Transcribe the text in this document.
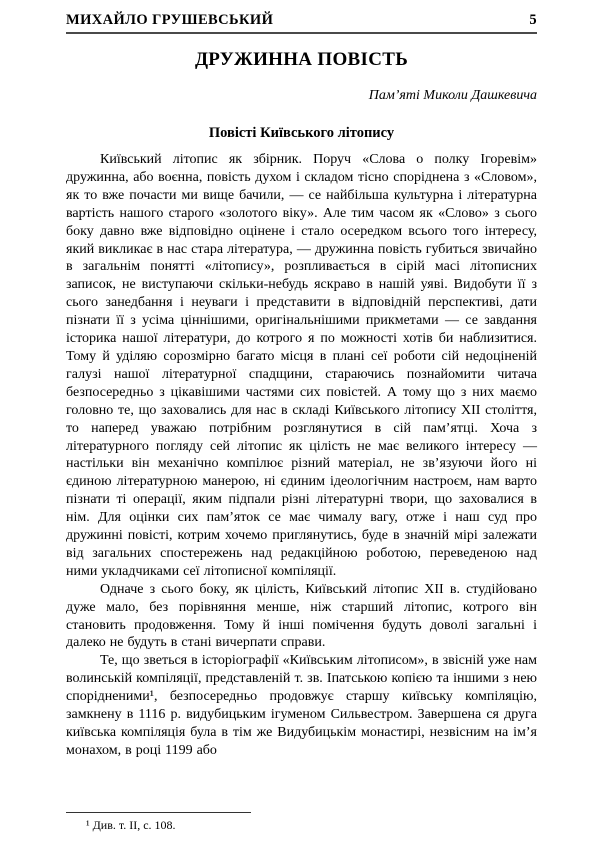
МИХАЙЛО ГРУШЕВСЬКИЙ	5
ДРУЖИННА ПОВІСТЬ

Пам’яті Миколи Дашкевича

Повісті Київського літопису

Київський літопис як збірник. Поруч «Слова о полку Ігоревім» дружинна, або воєнна, повість духом і складом тісно споріднена з «Словом», як то вже почасти ми вище бачили, — се найбільша культурна і літературна вартість нашого старого «золотого віку». Але тим часом як «Слово» з сього боку давно вже відповідно оцінене і стало осередком всього того інтересу, який викликає в нас стара література, — дружинна повість губиться звичайно в загальнім понятті «літопису», розпливається в сірій масі літописних записок, не виступаючи скільки-небудь яскраво в нашій уяві. Видобути її з сього занедбання і неуваги і представити в відповідній перспективі, дати пізнати її з усіма ціннішими, оригінальнішими прикметами — се завдання історика нашої літератури, до котрого я по можності хотів би наблизитися. Тому й уділяю сорозмірно багато місця в плані сеї роботи сій недоціненій галузі нашої літературної спадщини, стараючись познайомити читача безпосередньо з цікавішими частями сих повістей. А тому що з них маємо головно те, що заховались для нас в складі Київського літопису XII століття, то наперед уважаю потрібним розглянутися в сій пам’ятці. Хоча з літературного погляду сей літопис як цілість не має великого інтересу — настільки він механічно компілює різний матеріал, не зв’язуючи його ні єдиною літературною манерою, ні єдиним ідеологічним настроєм, нам варто пізнати ті операції, яким підпали різні літературні твори, що заховалися в нім. Для оцінки сих пам’яток се має чималу вагу, отже і наш суд про дружинні повісті, котрим хочемо приглянутись, буде в значній мірі залежати від загальних спостережень над редакційною роботою, переведеною над ними укладчиками сеї літописної компіляції.

Одначе з сього боку, як цілість, Київський літопис XII в. студійовано дуже мало, без порівняння менше, ніж старший літопис, котрого він становить продовження. Тому й інші помічення будуть доволі загальні і далеко не будуть в стані вичерпати справи.

Те, що зветься в історіографії «Київським літописом», в звісній уже нам волинській компіляції, представленій т. зв. Іпатською копією та іншими з нею спорідненими¹, безпосередньо продовжує старшу київську компіляцію, замкнену в 1116 р. видубицьким ігуменом Сильвестром. Завершена ся друга київська компіляція була в тім же Видубицькім монастирі, незвісним на ім’я монахом, в році 1199 або

¹ Див. т. II, с. 108.
